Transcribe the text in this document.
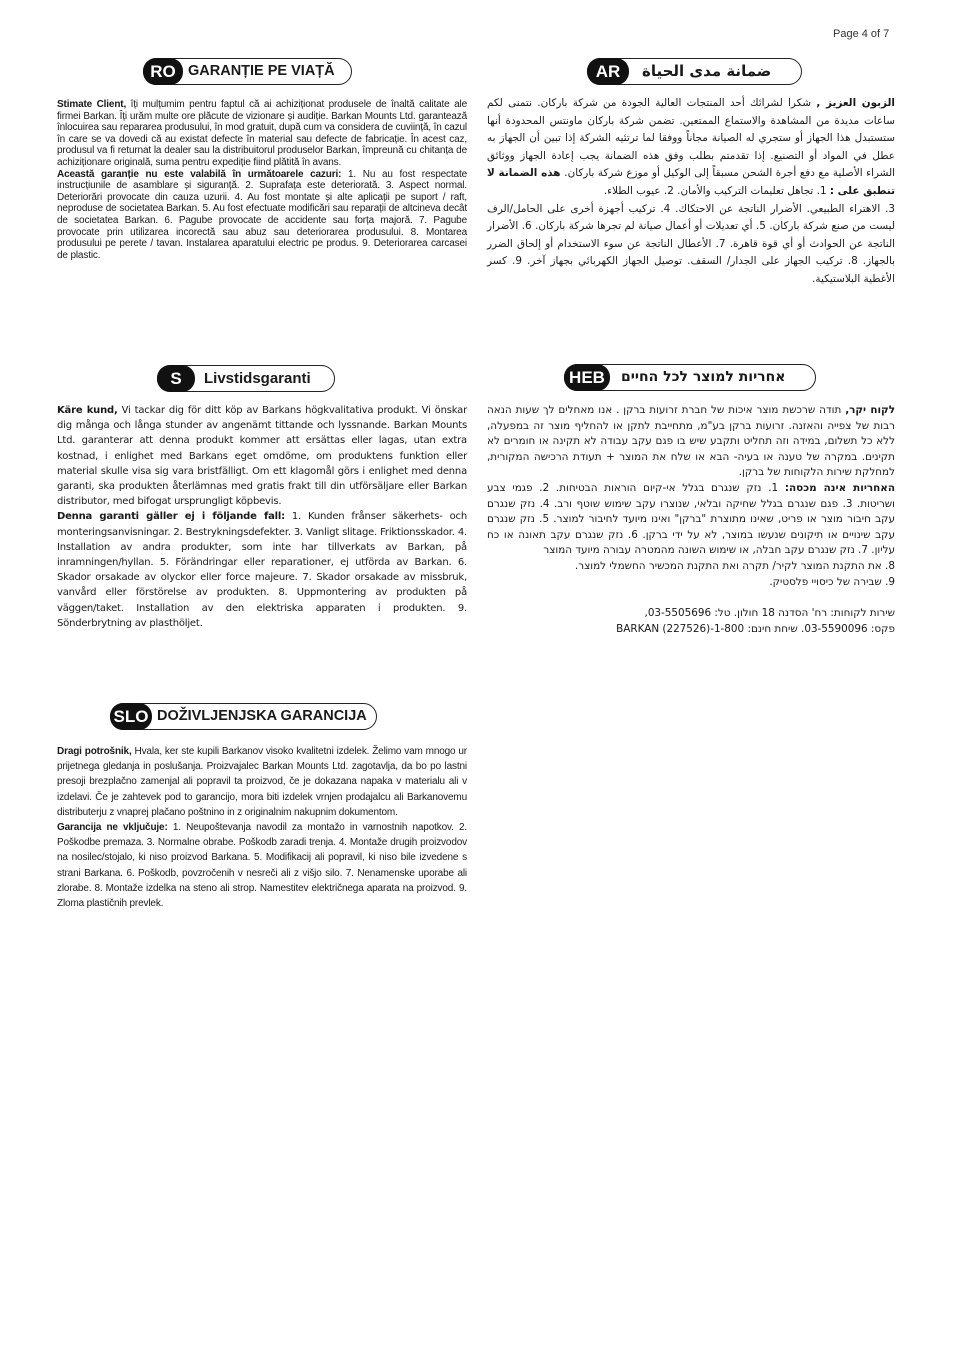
Page 4 of 7
RO GARANȚIE PE VIAȚĂ

Stimate Client, îți mulțumim pentru faptul că ai achiziționat produsele de înaltă calitate ale firmei Barkan. Îți urăm multe ore plăcute de vizionare și audiție. Barkan Mounts Ltd. garantează înlocuirea sau repararea produsului, în mod gratuit, după cum va considera de cuviință, în cazul în care se va dovedi că au existat defecte în material sau defecte de fabricație. În acest caz, produsul va fi returnat la dealer sau la distribuitorul produselor Barkan, împreună cu chitanța de achiziționare originală, suma pentru expediție fiind plătită în avans.

Această garanție nu este valabilă în următoarele cazuri: 1. Nu au fost respectate instrucțiunile de asamblare și siguranță. 2. Suprafața este deteriorată. 3. Aspect normal. Deteriorări provocate din cauza uzurii. 4. Au fost montate și alte aplicații pe suport / raft, neproduse de societatea Barkan. 5. Au fost efectuate modificări sau reparații de altcineva decât de societatea Barkan. 6. Pagube provocate de accidente sau forța majoră. 7. Pagube provocate prin utilizarea incorectă sau abuz sau deteriorarea produsului. 8. Montarea produsului pe perete / tavan. Instalarea aparatului electric pe produs. 9. Deteriorarea carcasei de plastic.

AR	ضمانة مدى الحياة

الزبون العزيز , شكرا لشرائك أحد المنتجات العالية الجودة من شركة باركان. نتمنى لكم ساعات مديدة من المشاهدة والاستماع الممتعين. تضمن شركة باركان ماونتس المحدودة أنها ستستبدل هذا الجهاز أو ستجري له الصيانة مجاناً ووفقا لما ترتئيه الشركة إذا تبين أن الجهاز به عطل في المواد أو التصنيع. إذا تقدمتم بطلب وفق هذه الضمانة يجب إعادة الجهاز ووثائق الشراء الأصلية مع دفع أجرة الشحن مسبقاً إلى الوكيل أو موزع شركة باركان. هذه الضمانة لا تنطبق على : 1. تجاهل تعليمات التركيب والأمان. 2. عيوب الطلاء.

3. الاهتراء الطبيعي. الأضرار الناتجة عن الاحتكاك. 4. تركيب أجهزة أخرى على الحامل/الرف ليست من صنع شركة باركان. 5. أي تعديلات أو أعمال صيانة لم تجرها شركة باركان. 6. الأضرار الناتجة عن الحوادث أو أي قوة قاهرة. 7. الأعطال الناتجة عن سوء الاستخدام أو إلحاق الضرر بالجهاز. 8. تركيب الجهاز على الجدار/ السقف. توصيل الجهاز الكهربائي بجهاز آخر. 9. كسر الأغطية البلاستيكية.

S	Livstidsgaranti

Käre kund, Vi tackar dig för ditt köp av Barkans högkvalitativa produkt. Vi önskar dig många och långa stunder av angenämt tittande och lyssnande. Barkan Mounts Ltd. garanterar att denna produkt kommer att ersättas eller lagas, utan extra kostnad, i enlighet med Barkans eget omdöme, om produktens funktion eller material skulle visa sig vara bristfälligt. Om ett klagomål görs i enlighet med denna garanti, ska produkten återlämnas med gratis frakt till din utförsäljare eller Barkan distributor, med bifogat ursprungligt köpbevis.

Denna garanti gäller ej i följande fall: 1. Kunden frånser säkerhets- och monteringsanvisningar. 2. Bestrykningsdefekter. 3. Vanligt slitage. Friktionsskador. 4. Installation av andra produkter, som inte har tillverkats av Barkan, på inramningen/hyllan. 5. Förändringar eller reparationer, ej utförda av Barkan. 6. Skador orsakade av olyckor eller force majeure. 7. Skador orsakade av missbruk, vanvård eller förstörelse av produkten. 8. Uppmontering av produkten på väggen/taket. Installation av den elektriska apparaten i produkten. 9. Sönderbrytning av plasthöljet.

HEB	אחריות למוצר לכל החיים

לקוח יקר, תודה שרכשת מוצר איכות של חברת זרועות ברקן . אנו מאחלים לך שעות הנאה רבות של צפייה והאזנה. זרועות ברקן בע"מ, מתחייבת לתקן או להחליף מוצר זה במפעלה, ללא כל תשלום, במידה וזה תחליט ותקבע שיש בו פגם עקב עבודה לא תקינה או חומרים לא תקינים. במקרה של טענה או בעיה- הבא או שלח את המוצר + תעודת הרכישה המקורית, למחלקת שירות הלקוחות של ברקן.

האחריות אינה מכסה: 1. נזק שנגרם בגלל אי-קיום הוראות הבטיחות. 2. פגמי צבע ושריטות. 3. פגם שנגרם בגלל שחיקה ובלאי, שנוצרו עקב שימוש שוטף ורב. 4. נזק שנגרם עקב חיבור מוצר או פריט, שאינו מתוצרת "ברקן" ואינו מיועד לחיבור למוצר. 5. נזק שנגרם עקב שינויים או תיקונים שנעשו במוצר, לא על ידי ברקן. 6. נזק שנגרם עקב תאונה או כח עליון. 7. נזק שנגרם עקב חבלה, או שימוש השונה מהמטרה עבורה מיועד המוצר

8. את התקנת המוצר לקיר/ תקרה ואת התקנת המכשיר החשמלי למוצר.

9. שבירה של כיסויי פלסטיק.

שירות לקוחות: רח' הסדנה 18 חולון. טל: 03-5505696,

פקס: 03-5590096. שיחת חינם: 1-800-BARKAN (227526)

SLO DOŽIVLJENJSKA GARANCIJA

Dragi potrošnik, Hvala, ker ste kupili Barkanov visoko kvalitetni izdelek. Želimo vam mnogo ur prijetnega gledanja in poslušanja. Proizvajalec Barkan Mounts Ltd. zagotavlja, da bo po lastni presoji brezplačno zamenjal ali popravil ta proizvod, če je dokazana napaka v materialu ali v izdelavi. Če je zahtevek pod to garancijo, mora biti izdelek vrnjen prodajalcu ali Barkanovemu distributerju z vnaprej plačano poštnino in z originalnim nakupnim dokumentom.

Garancija ne vključuje: 1. Neupoštevanja navodil za montažo in varnostnih napotkov. 2. Poškodbe premaza. 3. Normalne obrabe. Poškodb zaradi trenja. 4. Montaže drugih proizvodov na nosilec/stojalo, ki niso proizvod Barkana. 5. Modifikacij ali popravil, ki niso bile izvedene s strani Barkana. 6. Poškodb, povzročenih v nesreči ali z višjo silo. 7. Nenamenske uporabe ali zlorabe. 8. Montaže izdelka na steno ali strop. Namestitev električnega aparata na proizvod. 9. Zloma plastičnih prevlek.
